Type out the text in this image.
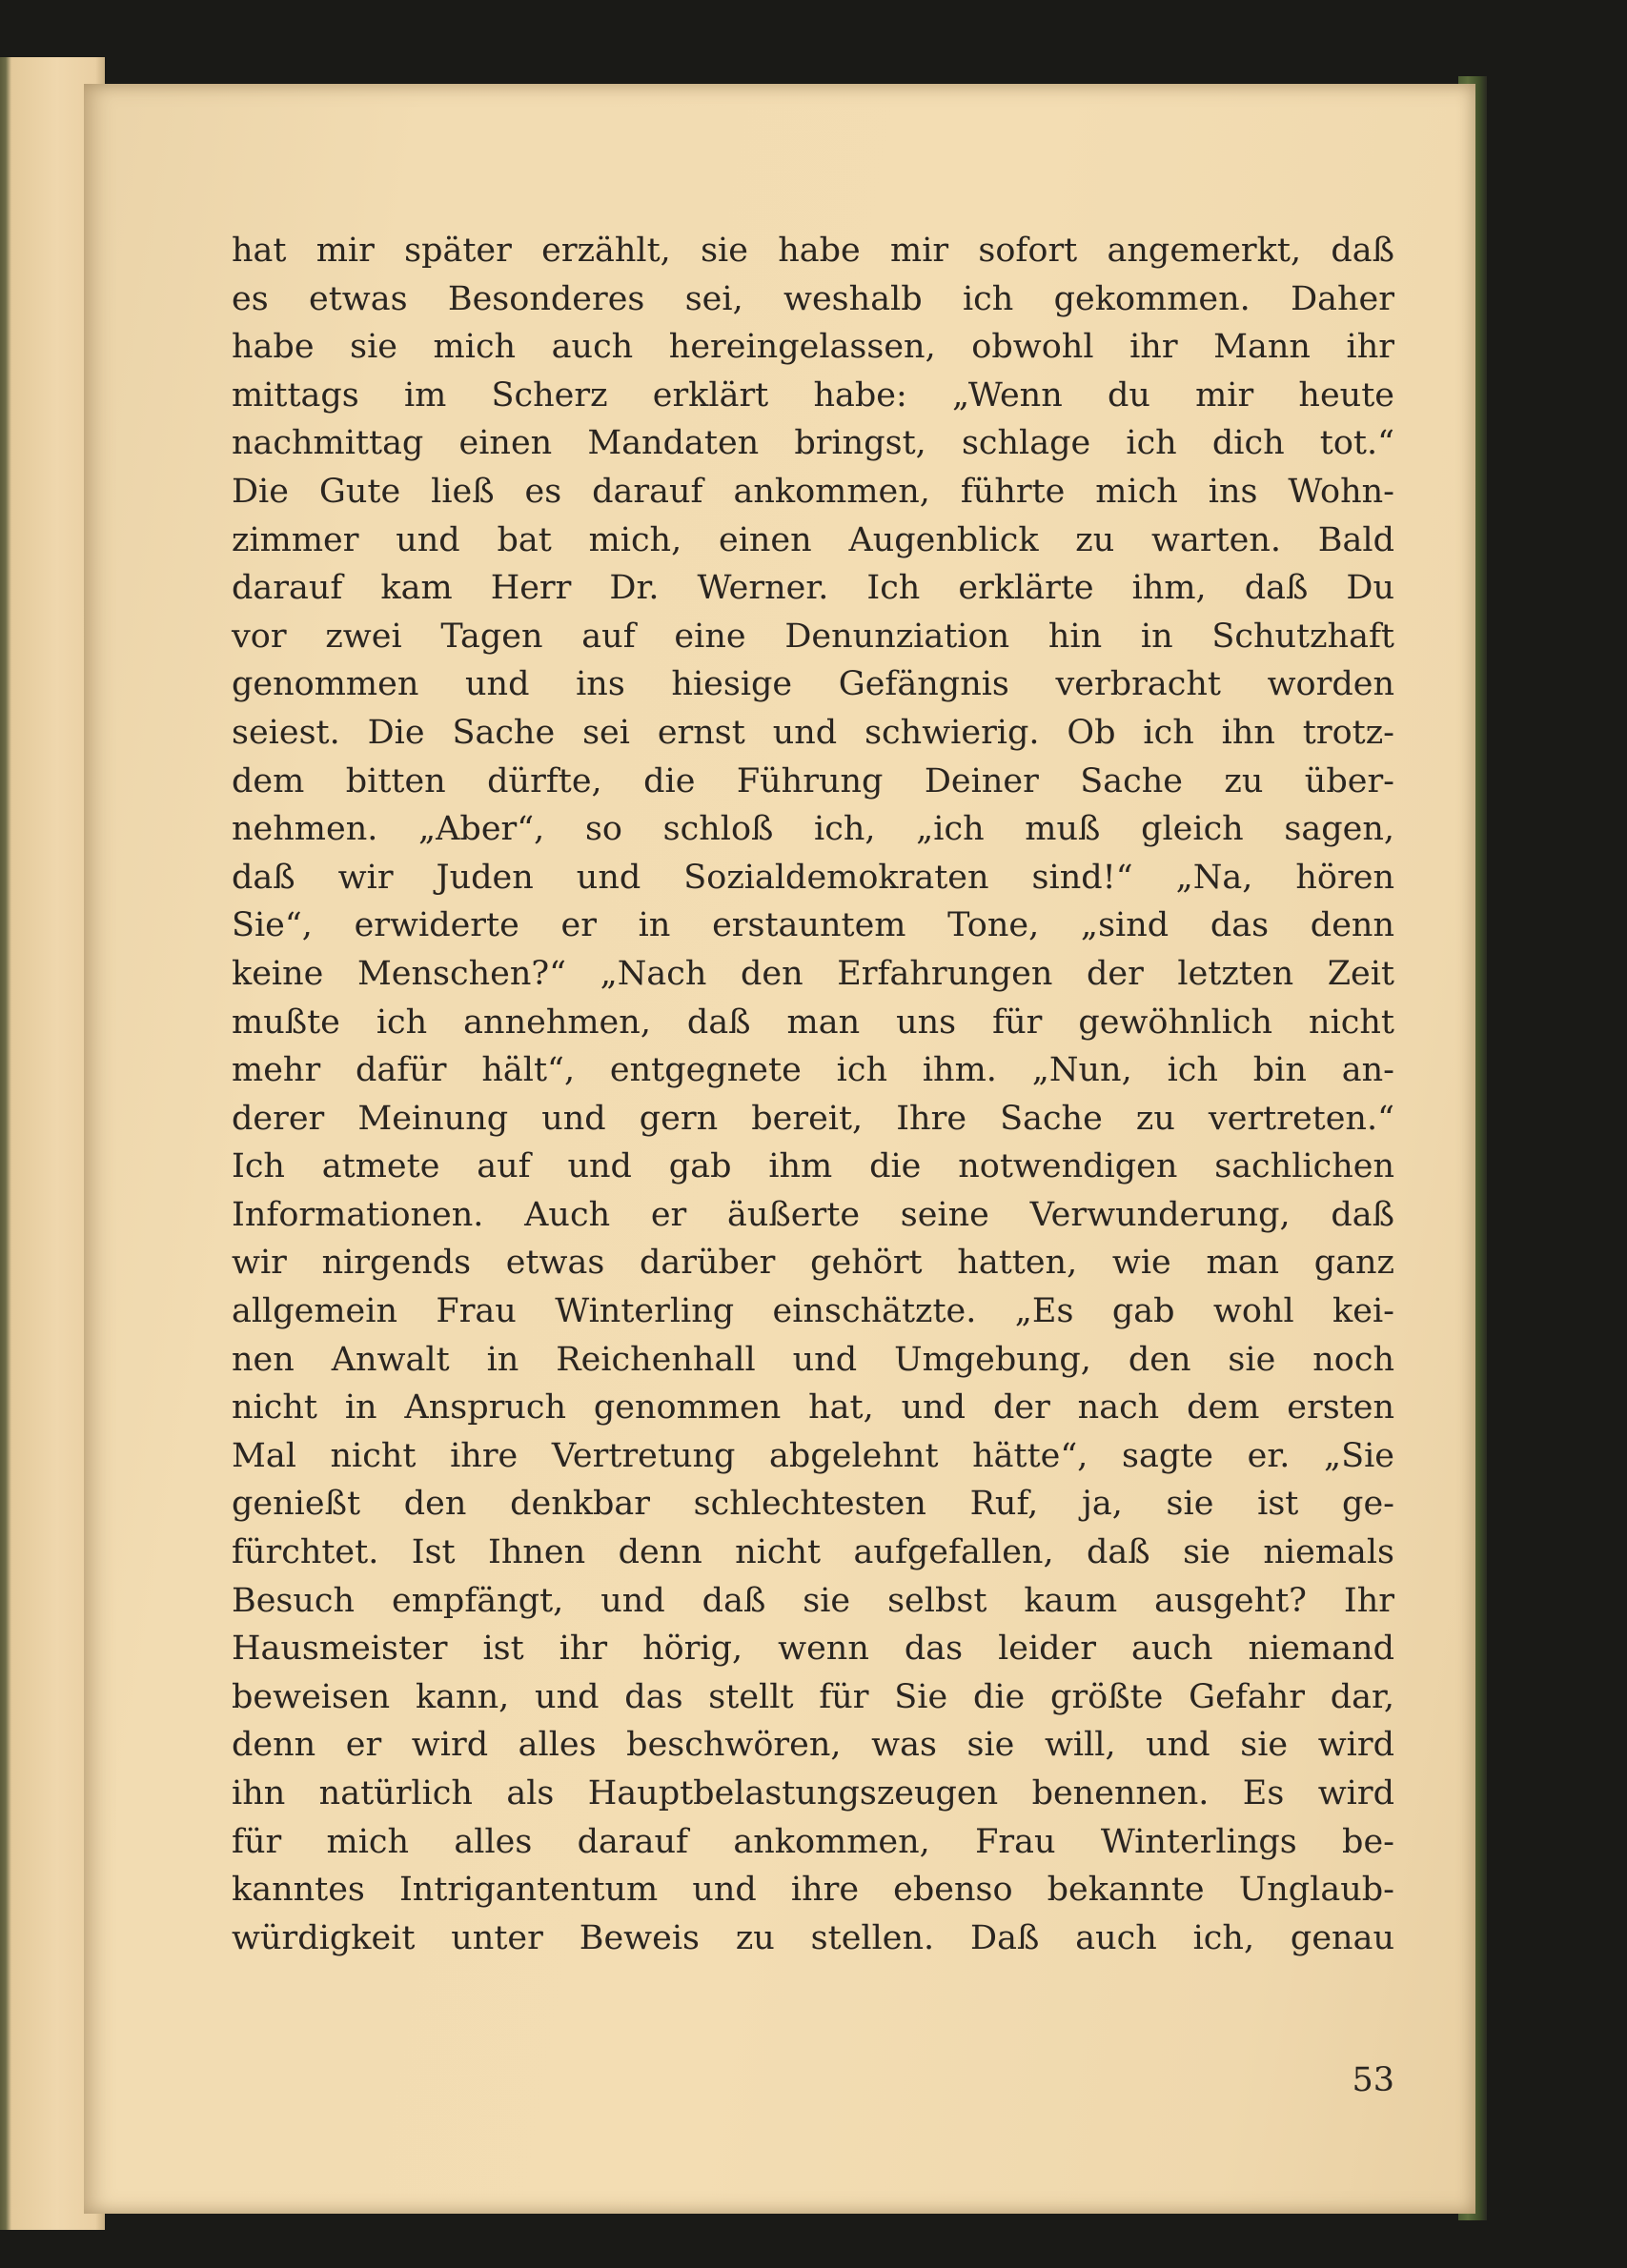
hat mir später erzählt, sie habe mir sofort angemerkt, daß
es etwas Besonderes sei, weshalb ich gekommen. Daher
habe sie mich auch hereingelassen, obwohl ihr Mann ihr
mittags im Scherz erklärt habe: „Wenn du mir heute
nachmittag einen Mandaten bringst, schlage ich dich tot.“
Die Gute ließ es darauf ankommen, führte mich ins Wohn-
zimmer und bat mich, einen Augenblick zu warten. Bald
darauf kam Herr Dr. Werner. Ich erklärte ihm, daß Du
vor zwei Tagen auf eine Denunziation hin in Schutzhaft
genommen und ins hiesige Gefängnis verbracht worden
seiest. Die Sache sei ernst und schwierig. Ob ich ihn trotz-
dem bitten dürfte, die Führung Deiner Sache zu über-
nehmen. „Aber“, so schloß ich, „ich muß gleich sagen,
daß wir Juden und Sozialdemokraten sind!“ „Na, hören
Sie“, erwiderte er in erstauntem Tone, „sind das denn
keine Menschen?“ „Nach den Erfahrungen der letzten Zeit
mußte ich annehmen, daß man uns für gewöhnlich nicht
mehr dafür hält“, entgegnete ich ihm. „Nun, ich bin an-
derer Meinung und gern bereit, Ihre Sache zu vertreten.“
Ich atmete auf und gab ihm die notwendigen sachlichen
Informationen. Auch er äußerte seine Verwunderung, daß
wir nirgends etwas darüber gehört hatten, wie man ganz
allgemein Frau Winterling einschätzte. „Es gab wohl kei-
nen Anwalt in Reichenhall und Umgebung, den sie noch
nicht in Anspruch genommen hat, und der nach dem ersten
Mal nicht ihre Vertretung abgelehnt hätte“, sagte er. „Sie
genießt den denkbar schlechtesten Ruf, ja, sie ist ge-
fürchtet. Ist Ihnen denn nicht aufgefallen, daß sie niemals
Besuch empfängt, und daß sie selbst kaum ausgeht? Ihr
Hausmeister ist ihr hörig, wenn das leider auch niemand
beweisen kann, und das stellt für Sie die größte Gefahr dar,
denn er wird alles beschwören, was sie will, und sie wird
ihn natürlich als Hauptbelastungszeugen benennen. Es wird
für mich alles darauf ankommen, Frau Winterlings be-
kanntes Intrigantentum und ihre ebenso bekannte Unglaub-
würdigkeit unter Beweis zu stellen. Daß auch ich, genau
53
